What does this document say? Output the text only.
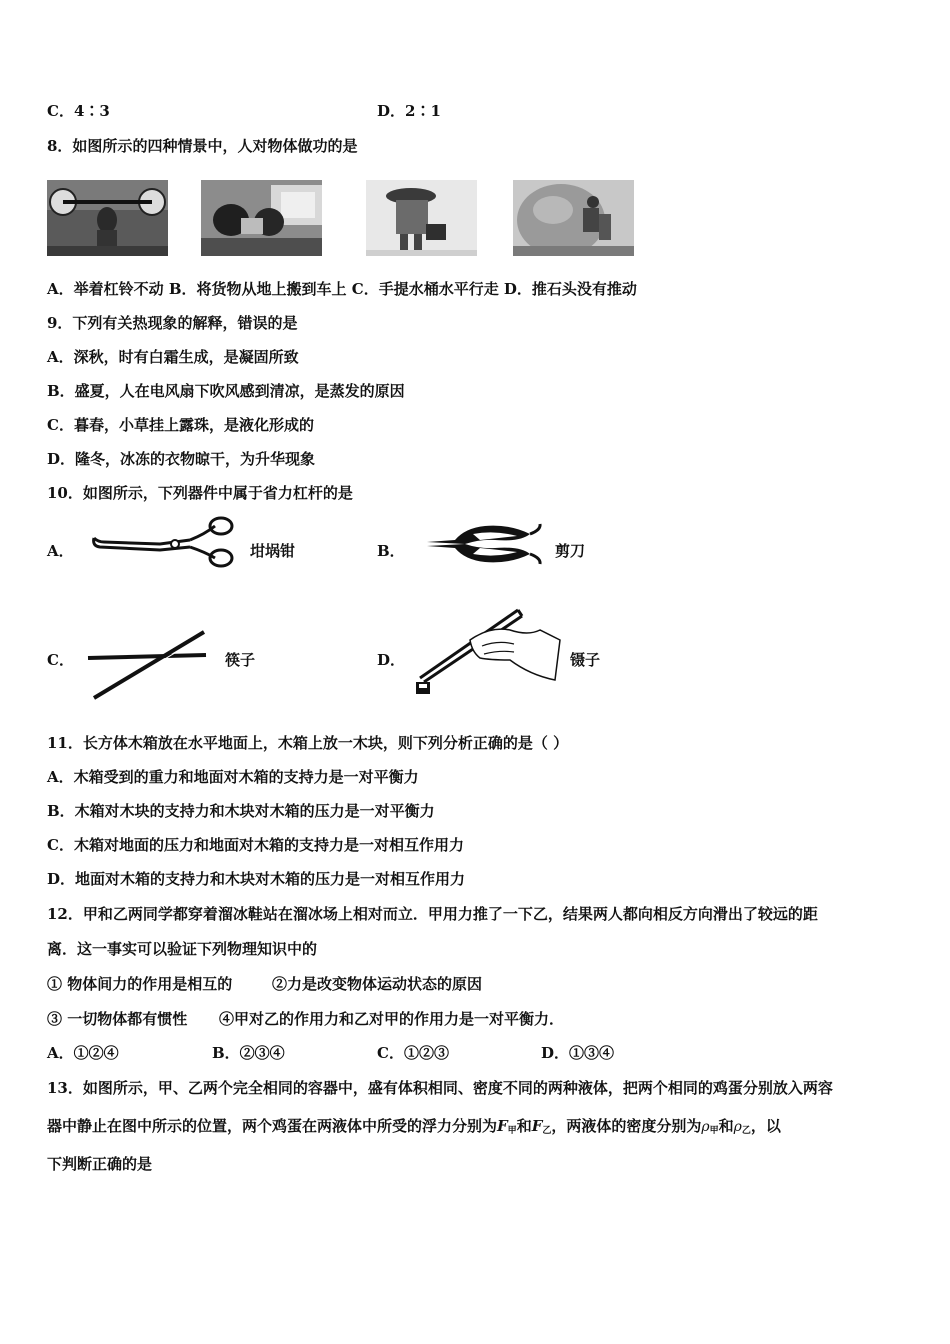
C．4∶3	D．2∶1
8．如图所示的四种情景中，人对物体做功的是
A．举着杠铃不动 B．将货物从地上搬到车上 C．手提水桶水平行走 D．推石头没有推动
9．下列有关热现象的解释，错误的是
A．深秋，时有白霜生成，是凝固所致
B．盛夏，人在电风扇下吹风感到清凉，是蒸发的原因
C．暮春，小草挂上露珠，是液化形成的
D．隆冬，冰冻的衣物晾干，为升华现象
10．如图所示，下列器件中属于省力杠杆的是
A．	坩埚钳	B．	剪刀
C．	筷子	D．	镊子
11．长方体木箱放在水平地面上，木箱上放一木块，则下列分析正确的是（ ）
A．木箱受到的重力和地面对木箱的支持力是一对平衡力
B．木箱对木块的支持力和木块对木箱的压力是一对平衡力
C．木箱对地面的压力和地面对木箱的支持力是一对相互作用力
D．地面对木箱的支持力和木块对木箱的压力是一对相互作用力
12．甲和乙两同学都穿着溜冰鞋站在溜冰场上相对而立．甲用力推了一下乙，结果两人都向相反方向滑出了较远的距
离．这一事实可以验证下列物理知识中的
① 物体间力的作用是相互的	②力是改变物体运动状态的原因
③ 一切物体都有惯性 ④甲对乙的作用力和乙对甲的作用力是一对平衡力．
A．①②④	B．②③④	C．①②③	D．①③④
13．如图所示，甲、乙两个完全相同的容器中，盛有体积相同、密度不同的两种液体，把两个相同的鸡蛋分别放入两容
器中静止在图中所示的位置，两个鸡蛋在两液体中所受的浮力分别为$F_甲$和$F_乙$，两液体的密度分别为$\rho_甲$和$\rho_乙$，以
下判断正确的是
